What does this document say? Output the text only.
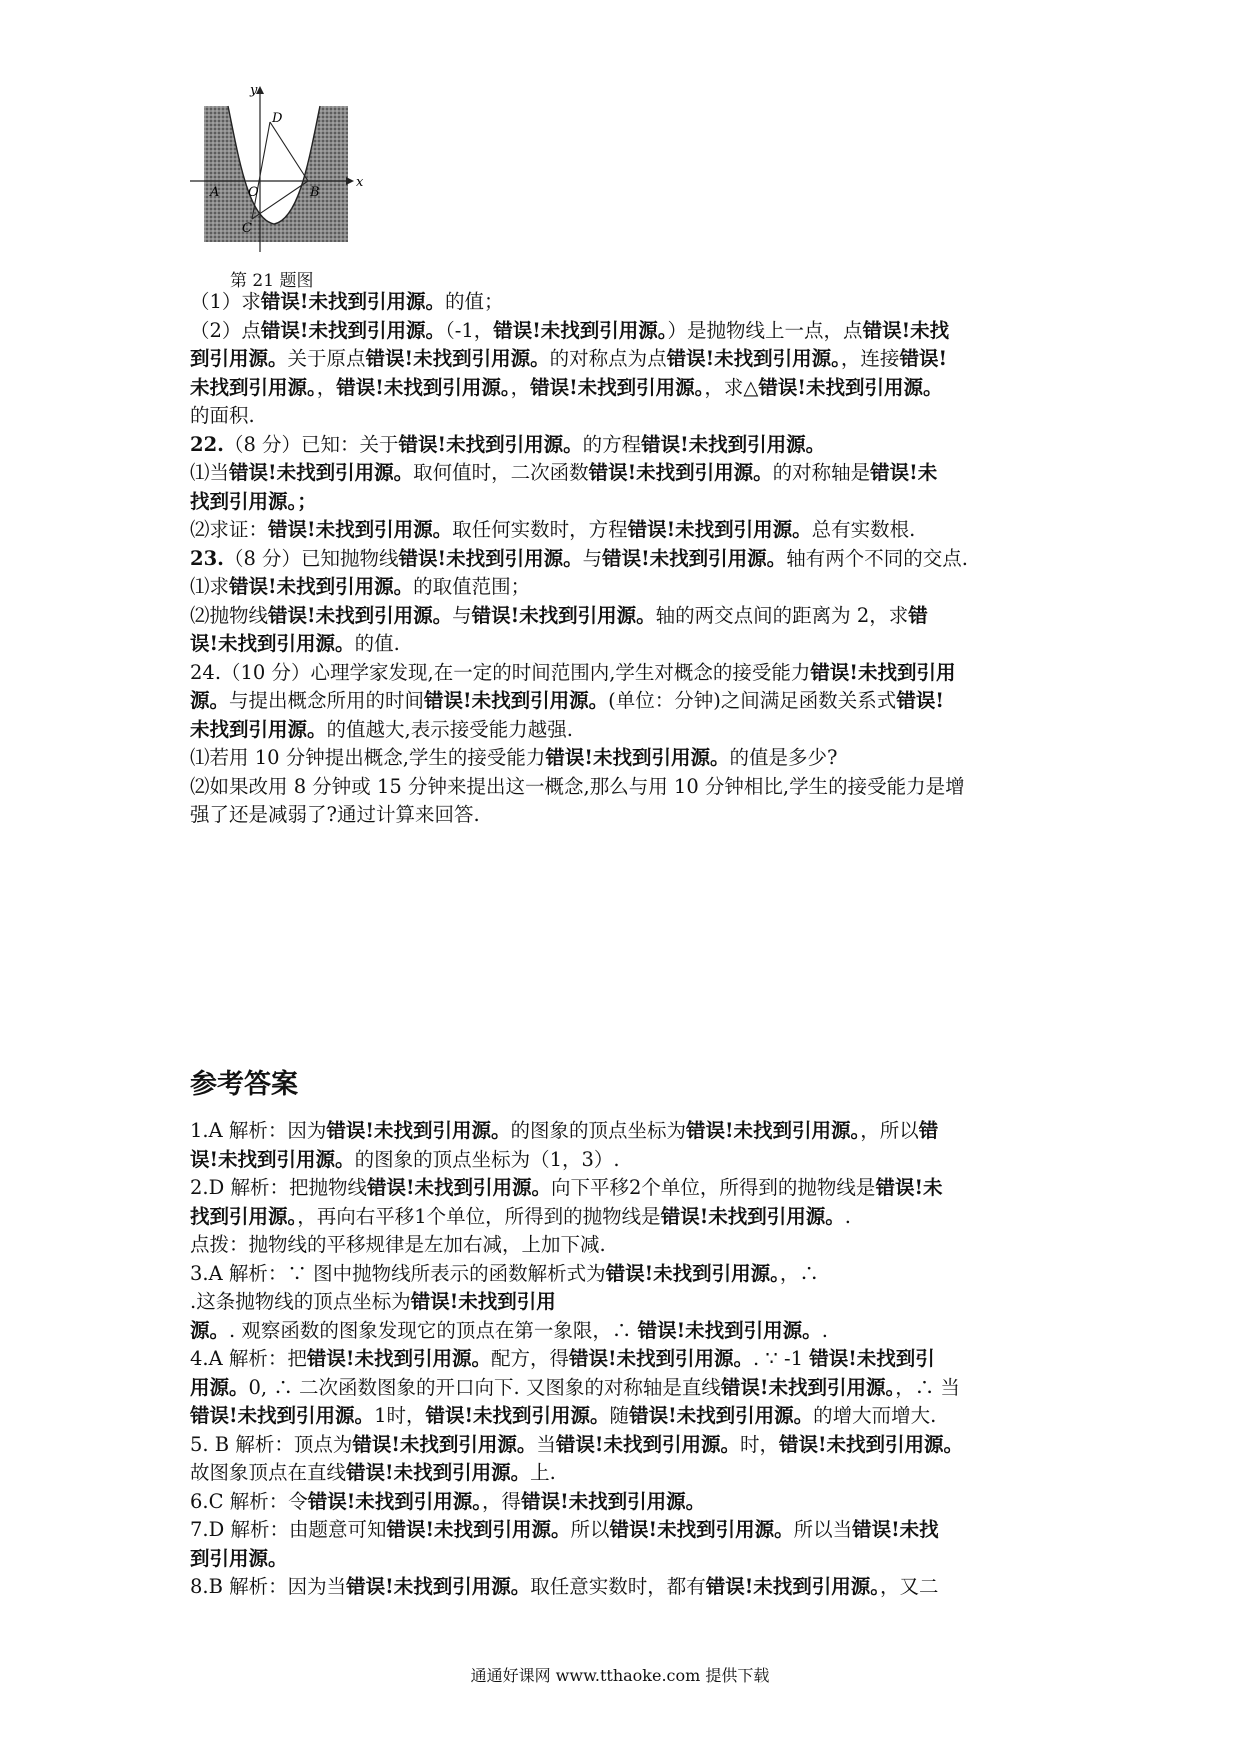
y
x
D
A O	B
C
第 21 题图
（1）求错误!未找到引用源。的值；
（2）点错误!未找到引用源。（-1，错误!未找到引用源。）是抛物线上一点，点错误!未找
到引用源。关于原点错误!未找到引用源。的对称点为点错误!未找到引用源。，连接错误!
未找到引用源。，错误!未找到引用源。，错误!未找到引用源。，求△错误!未找到引用源。
的面积.
22.（8 分）已知：关于错误!未找到引用源。的方程错误!未找到引用源。
⑴当错误!未找到引用源。取何值时，二次函数错误!未找到引用源。的对称轴是错误!未
找到引用源。；
⑵求证：错误!未找到引用源。取任何实数时，方程错误!未找到引用源。总有实数根.
23.（8 分）已知抛物线错误!未找到引用源。与错误!未找到引用源。轴有两个不同的交点.
⑴求错误!未找到引用源。的取值范围；
⑵抛物线错误!未找到引用源。与错误!未找到引用源。轴的两交点间的距离为 2，求错
误!未找到引用源。的值.
24.（10 分）心理学家发现,在一定的时间范围内,学生对概念的接受能力错误!未找到引用
源。与提出概念所用的时间错误!未找到引用源。(单位：分钟)之间满足函数关系式错误!
未找到引用源。的值越大,表示接受能力越强.
⑴若用 10 分钟提出概念,学生的接受能力错误!未找到引用源。的值是多少?
⑵如果改用 8 分钟或 15 分钟来提出这一概念,那么与用 10 分钟相比,学生的接受能力是增
强了还是减弱了?通过计算来回答.
参考答案
1.A 解析：因为错误!未找到引用源。的图象的顶点坐标为错误!未找到引用源。，所以错
误!未找到引用源。的图象的顶点坐标为（1，3）.
2.D 解析：把抛物线错误!未找到引用源。向下平移2个单位，所得到的抛物线是错误!未
找到引用源。，再向右平移1个单位，所得到的抛物线是错误!未找到引用源。.
点拨：抛物线的平移规律是左加右减，上加下减.
3.A 解析：∵ 图中抛物线所表示的函数解析式为错误!未找到引用源。，∴
.这条抛物线的顶点坐标为错误!未找到引用
源。. 观察函数的图象发现它的顶点在第一象限，∴ 错误!未找到引用源。.
4.A 解析：把错误!未找到引用源。配方，得错误!未找到引用源。. ∵ -1 错误!未找到引
用源。0, ∴ 二次函数图象的开口向下. 又图象的对称轴是直线错误!未找到引用源。，∴ 当
错误!未找到引用源。1时，错误!未找到引用源。随错误!未找到引用源。的增大而增大.
5. B 解析：顶点为错误!未找到引用源。当错误!未找到引用源。时，错误!未找到引用源。
故图象顶点在直线错误!未找到引用源。上.
6.C 解析：令错误!未找到引用源。，得错误!未找到引用源。
7.D 解析：由题意可知错误!未找到引用源。所以错误!未找到引用源。所以当错误!未找
到引用源。
8.B 解析：因为当错误!未找到引用源。取任意实数时，都有错误!未找到引用源。，又二
通通好课网 www.tthaoke.com 提供下载
